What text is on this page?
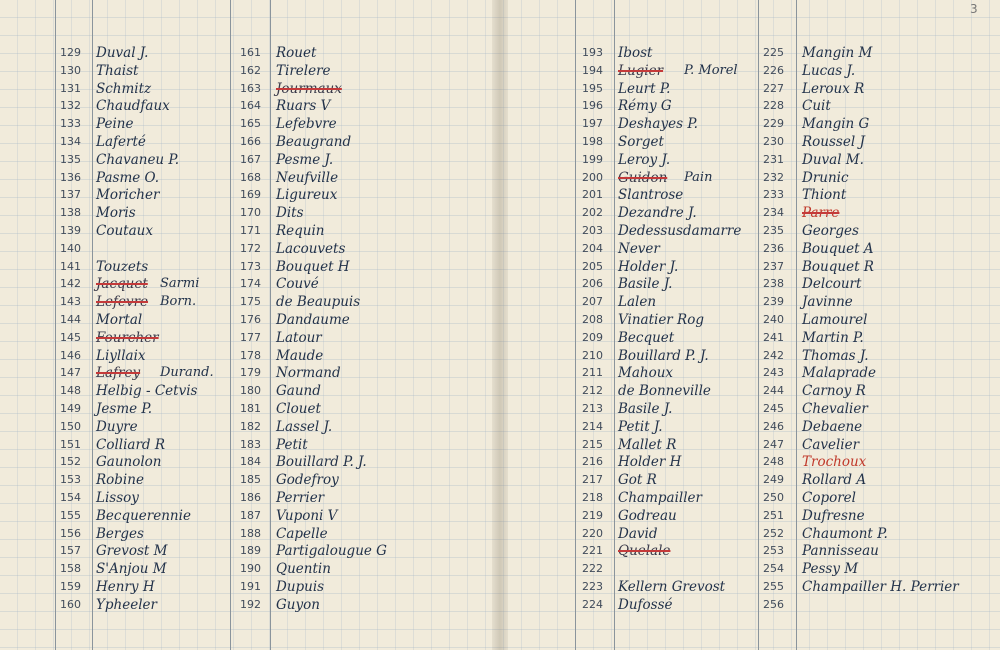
3
129 Duval J.
130 Thaist
131 Schmitz
132 Chaudfaux
133 Peine
134 Laferté
135 Chavaneu P.
136 Pasme O.
137 Moricher
138 Moris
139 Coutaux
140
141 Touzets
142 Jacquet Sarmi
143 Lefevre Born.
144 Mortal
145 Fourcher
146 Liyllaix
147 Lafrey Durand.
148 Helbig - Cetvis
149 Jesme P.
150 Duyre
151 Colliard R
152 Gaunolon
153 Robine
154 Lissoy
155 Becquerennie
156 Berges
157 Grevost M
158 S'Anjou M
159 Henry H
160 Ypheeler
161 Rouet
162 Tirelere
163 Jourmaux
164 Ruars V
165 Lefebvre
166 Beaugrand
167 Pesme J.
168 Neufville
169 Ligureux
170 Dits
171 Requin
172 Lacouvets
173 Bouquet H
174 Couvé
175 de Beaupuis
176 Dandaume
177 Latour
178 Maude
179 Normand
180 Gaund
181 Clouet
182 Lassel J.
183 Petit
184 Bouillard P. J.
185 Godefroy
186 Perrier
187 Vuponi V
188 Capelle
189 Partigalougue G
190 Quentin
191 Dupuis
192 Guyon
193 Ibost
194 Lugier P. Morel
195 Leurt P.
196 Rémy G
197 Deshayes P.
198 Sorget
199 Leroy J.
200 Guidon Pain
201 Slantrose
202 Dezandre J.
203 Dedessusdamarre
204 Never
205 Holder J.
206 Basile J.
207 Lalen
208 Vinatier Rog
209 Becquet
210 Bouillard P. J.
211 Mahoux
212 de Bonneville
213 Basile J.
214 Petit J.
215 Mallet R
216 Holder H
217 Got R
218 Champailler
219 Godreau
220 David
221 Quelale
222
223 Kellern Grevost
224 Dufossé
225 Mangin M
226 Lucas J.
227 Leroux R
228 Cuit
229 Mangin G
230 Roussel J
231 Duval M.
232 Drunic
233 Thiont
234 Parre
235 Georges
236 Bouquet A
237 Bouquet R
238 Delcourt
239 Javinne
240 Lamourel
241 Martin P.
242 Thomas J.
243 Malaprade
244 Carnoy R
245 Chevalier
246 Debaene
247 Cavelier
248 Trochoux
249 Rollard A
250 Coporel
251 Dufresne
252 Chaumont P.
253 Pannisseau
254 Pessy M
255 Champailler H. Perrier
256
